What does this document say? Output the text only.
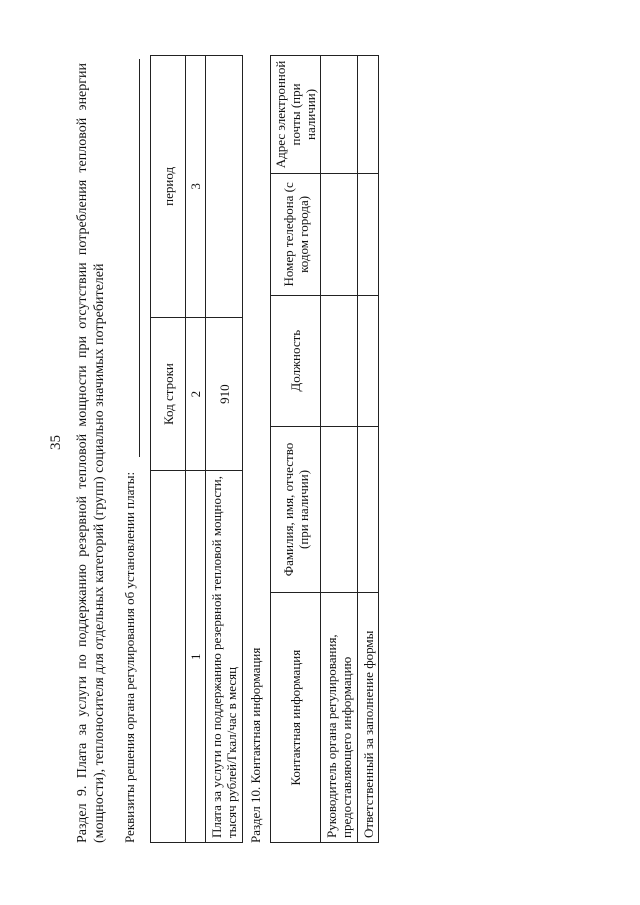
35 Раздел 9. Плата за услуги по поддержанию резервной тепловой мощности при отсутствии потребления тепловой энергии (мощности), теплоносителя для отдельных категорий (групп) социально значимых потребителей Реквизиты решения органа регулирования об установлении платы:
	Код строки	период
1	2	3
Плата за услуги по поддержанию резервной тепловой мощности, тысяч рублей/Гкал/час в месяц	910	
Раздел 10. Контактная информация Контактная информация	Фамилия, имя, отчество (при наличии)	Должность	Номер телефона (с кодом города)	Адрес электронной почты (при наличии)
Руководитель органа регулирования, предоставляющего информацию				
Ответственный за заполнение формы				
